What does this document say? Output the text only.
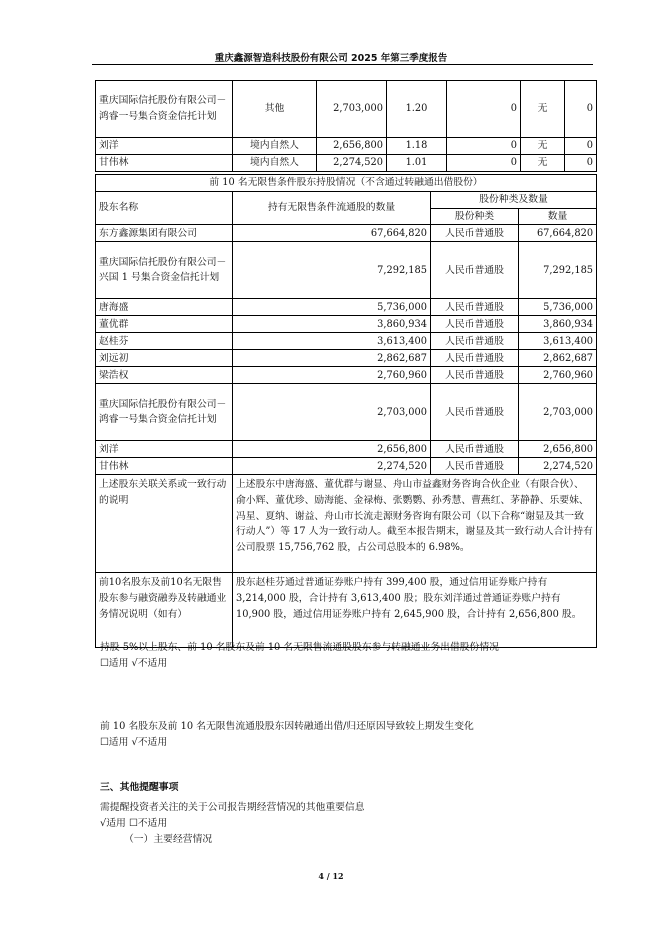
重庆鑫源智造科技股份有限公司 2025 年第三季度报告
重庆国际信托股份有限公司－鸿睿一号集合资金信托计划	其他	2,703,000	1.20	0	无	0
刘洋	境内自然人	2,656,800	1.18	0	无	0
甘伟林	境内自然人	2,274,520	1.01	0	无	0
前 10 名无限售条件股东持股情况（不含通过转融通出借股份）			
股东名称	持有无限售条件流通股的数量	股份种类及数量	
		股份种类	数量
东方鑫源集团有限公司	67,664,820	人民币普通股	67,664,820
重庆国际信托股份有限公司－兴国 1 号集合资金信托计划	7,292,185	人民币普通股	7,292,185
唐海盛	5,736,000	人民币普通股	5,736,000
董优群	3,860,934	人民币普通股	3,860,934
赵桂芬	3,613,400	人民币普通股	3,613,400
刘远初	2,862,687	人民币普通股	2,862,687
梁浩权	2,760,960	人民币普通股	2,760,960
重庆国际信托股份有限公司－鸿睿一号集合资金信托计划	2,703,000	人民币普通股	2,703,000
刘洋	2,656,800	人民币普通股	2,656,800
甘伟林	2,274,520	人民币普通股	2,274,520
上述股东关联关系或一致行动的说明	上述股东中唐海盛、董优群与谢显、舟山市益鑫财务咨询合伙企业（有限合伙）、俞小辉、董优珍、励海能、金禄梅、张鹦鹦、孙秀慧、曹燕红、茅静静、乐要妹、冯星、夏纳、谢益、舟山市长流走源财务咨询有限公司（以下合称“谢显及其一致行动人”）等 17 人为一致行动人。截至本报告期末，谢显及其一致行动人合计持有公司股票 15,756,762 股，占公司总股本的 6.98%。		
前10名股东及前10名无限售股东参与融资融券及转融通业务情况说明（如有）	股东赵桂芬通过普通证券账户持有 399,400 股，通过信用证券账户持有 3,214,000 股，合计持有 3,613,400 股；股东刘洋通过普通证券账户持有 10,900 股，通过信用证券账户持有 2,645,900 股，合计持有 2,656,800 股。		
持股 5%以上股东、前 10 名股东及前 10 名无限售流通股股东参与转融通业务出借股份情况
☐适用 √不适用
前 10 名股东及前 10 名无限售流通股股东因转融通出借/归还原因导致较上期发生变化
☐适用 √不适用
三、其他提醒事项
需提醒投资者关注的关于公司报告期经营情况的其他重要信息
√适用 ☐不适用
（一）主要经营情况
4 / 12
